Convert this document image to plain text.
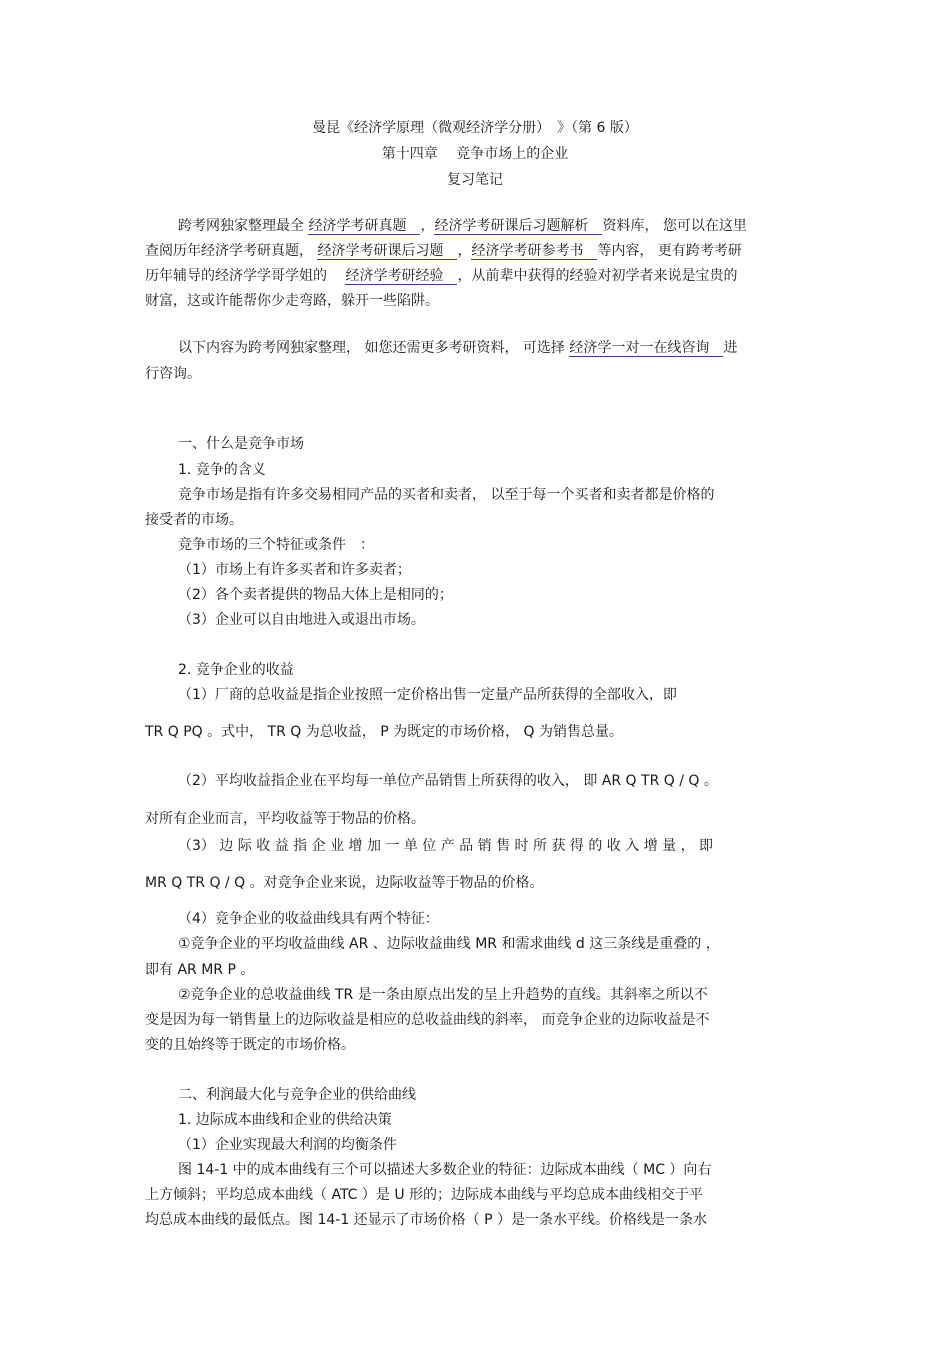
曼昆《经济学原理（微观经济学分册）　》（第 6 版）
第十四章　 竞争市场上的企业
复习笔记
跨考网独家整理最全 经济学考研真题　，经济学考研课后习题解析　资料库， 您可以在这里
查阅历年经济学考研真题， 经济学考研课后习题　，经济学考研参考书　等内容， 更有跨考考研
历年辅导的经济学学哥学姐的　 经济学考研经验　，从前辈中获得的经验对初学者来说是宝贵的
财富，这或许能帮你少走弯路，躲开一些陷阱。
以下内容为跨考网独家整理， 如您还需更多考研资料， 可选择 经济学一对一在线咨询　进
行咨询。
一、什么是竞争市场
1. 竞争的含义
竞争市场是指有许多交易相同产品的买者和卖者， 以至于每一个买者和卖者都是价格的
接受者的市场。
竞争市场的三个特征或条件　：
（1）市场上有许多买者和许多卖者；
（2）各个卖者提供的物品大体上是相同的；
（3）企业可以自由地进入或退出市场。
2. 竞争企业的收益
（1）厂商的总收益是指企业按照一定价格出售一定量产品所获得的全部收入，即
TR Q PQ 。式中， TR Q 为总收益， P 为既定的市场价格， Q 为销售总量。
（2）平均收益指企业在平均每一单位产品销售上所获得的收入， 即 AR Q TR Q / Q 。
对所有企业而言，平均收益等于物品的价格。
（3） 边 际 收 益 指 企 业 增 加 一 单 位 产 品 销 售 时 所 获 得 的 收 入 增 量 ， 即
MR Q TR Q / Q 。对竞争企业来说，边际收益等于物品的价格。
（4）竞争企业的收益曲线具有两个特征：
①竞争企业的平均收益曲线 AR 、边际收益曲线 MR 和需求曲线 d 这三条线是重叠的 ，
即有 AR MR P 。
②竞争企业的总收益曲线 TR 是一条由原点出发的呈上升趋势的直线。其斜率之所以不
变是因为每一销售量上的边际收益是相应的总收益曲线的斜率， 而竞争企业的边际收益是不
变的且始终等于既定的市场价格。
二、利润最大化与竞争企业的供给曲线
1. 边际成本曲线和企业的供给决策
（1）企业实现最大利润的均衡条件
图 14-1 中的成本曲线有三个可以描述大多数企业的特征：边际成本曲线（ MC ）向右
上方倾斜；平均总成本曲线（ ATC ）是 U 形的；边际成本曲线与平均总成本曲线相交于平
均总成本曲线的最低点。图 14-1 还显示了市场价格（ P ）是一条水平线。价格线是一条水
